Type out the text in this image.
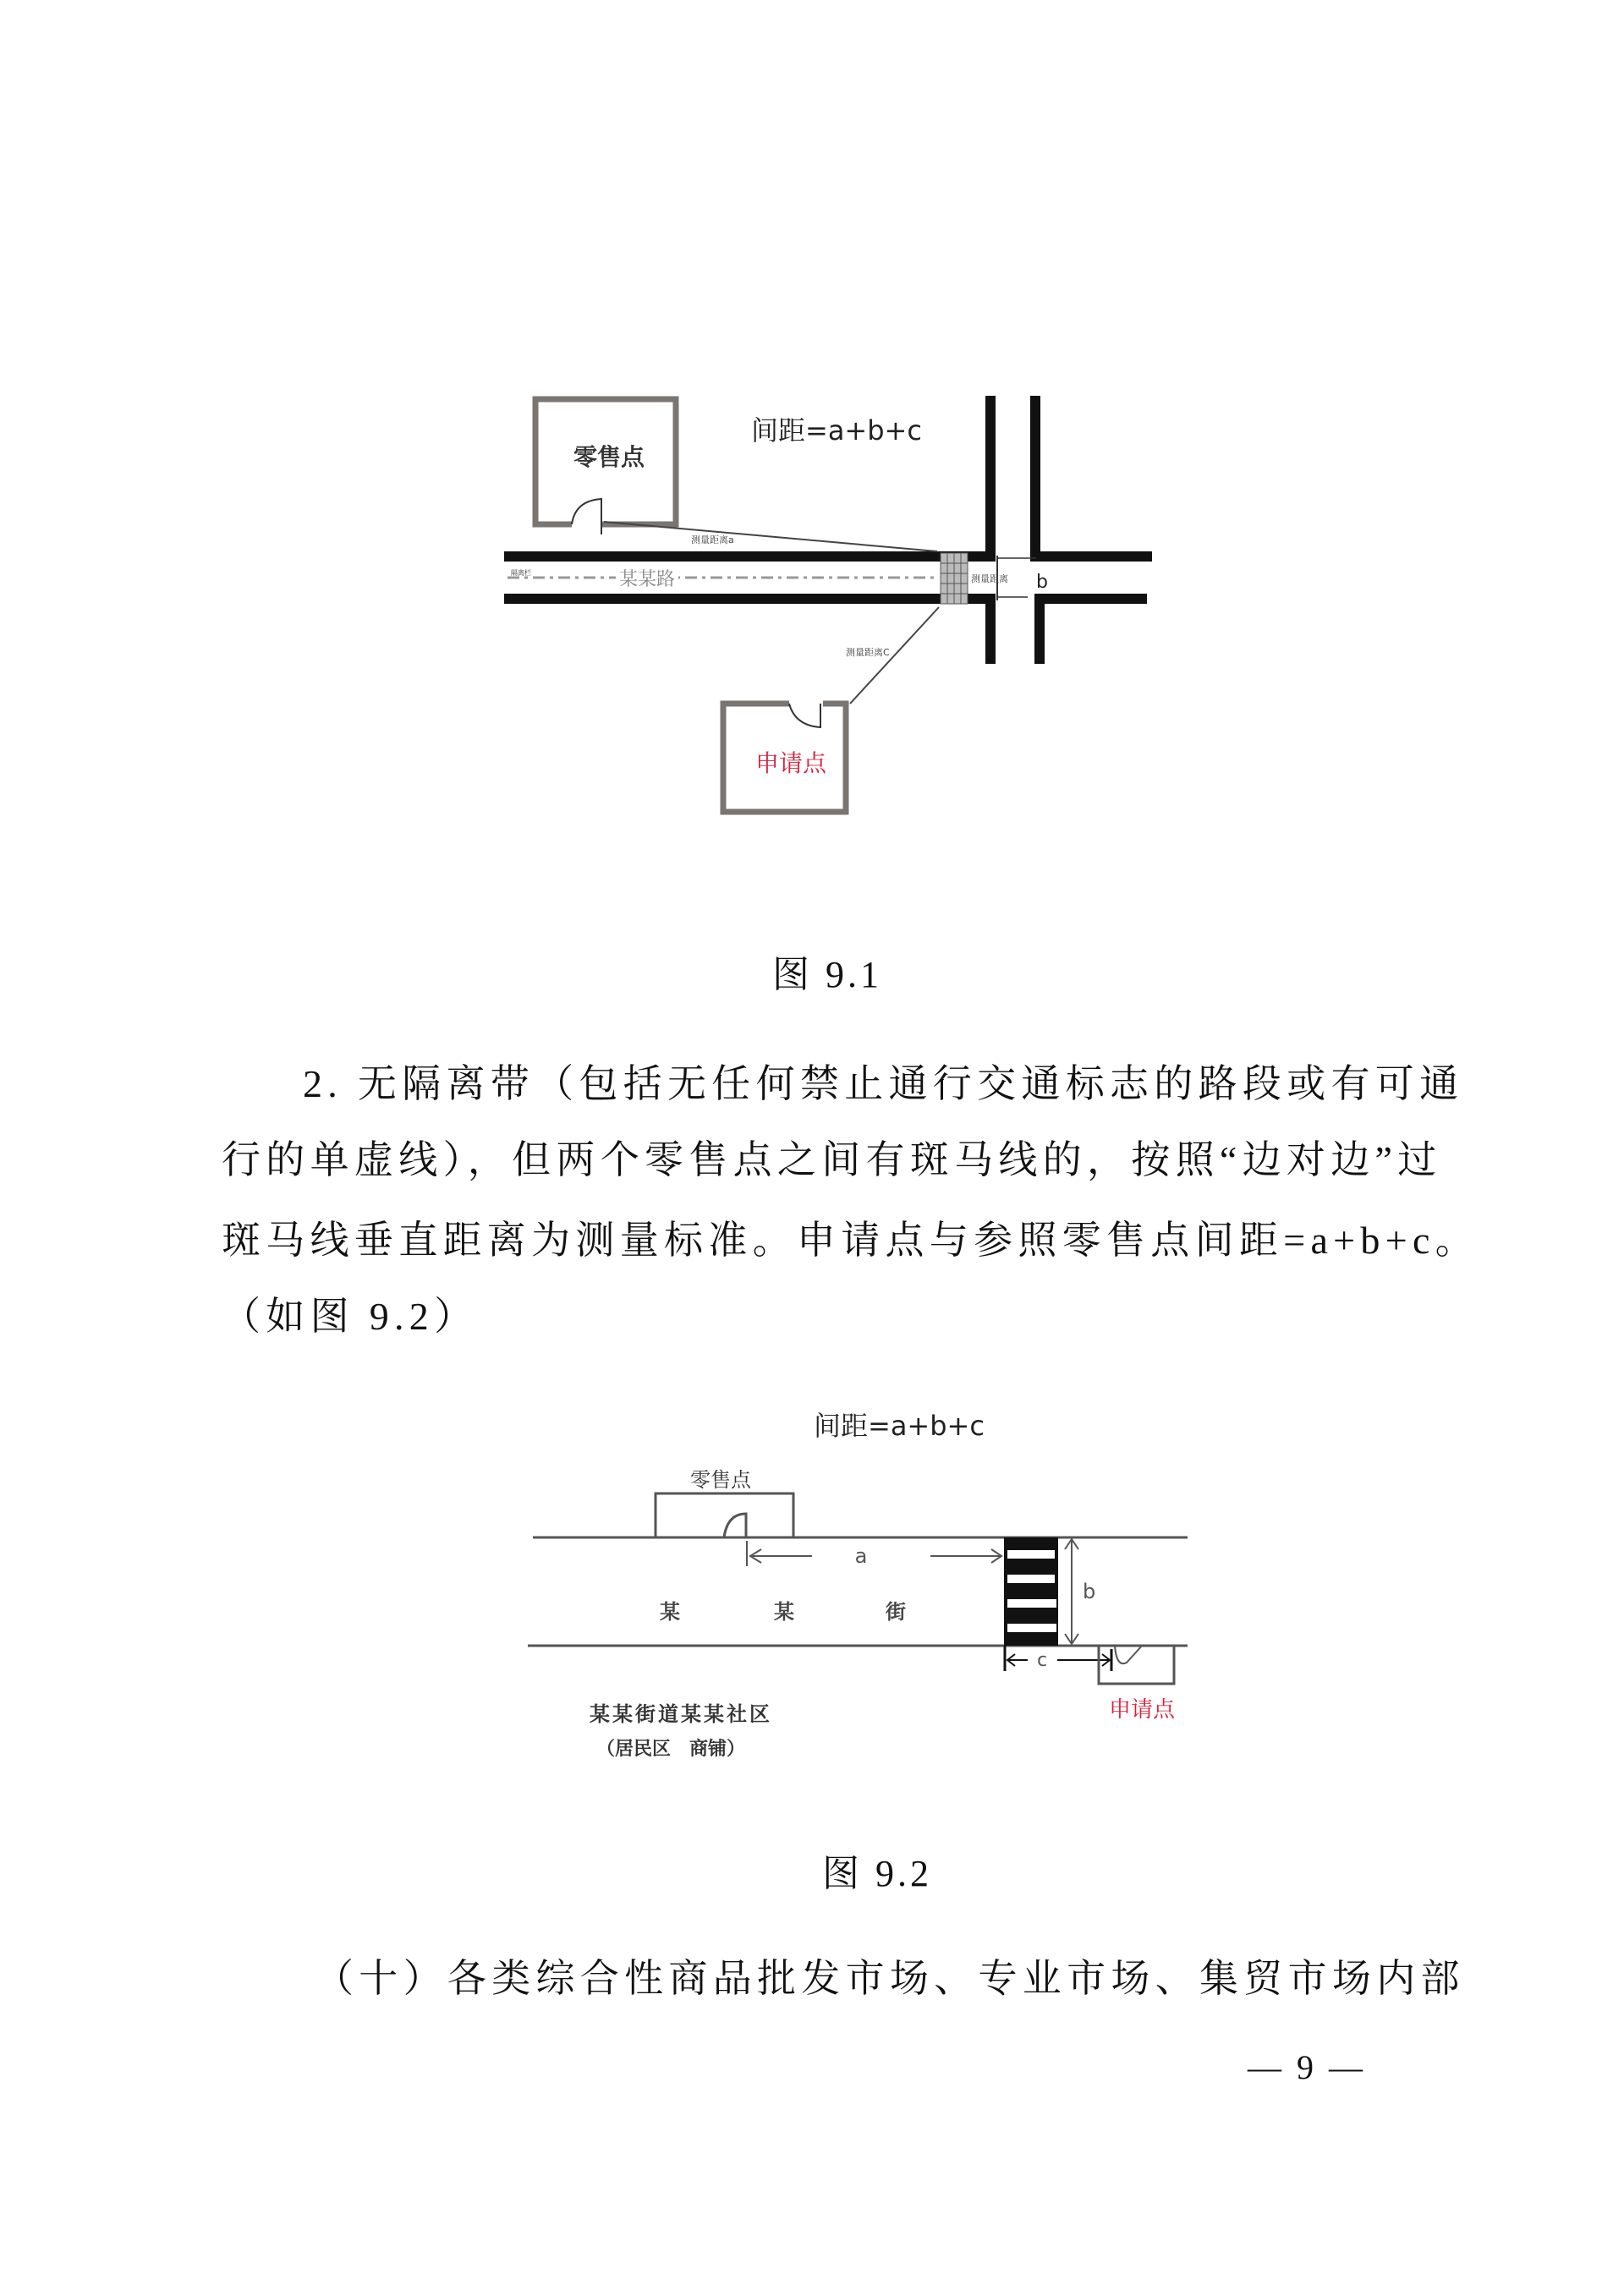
零售点
间距=a+b+c
隔离栏	某某路
测量距离a
测量距离 b
测量距离C
申请点
图 9.1
2. 无隔离带（包括无任何禁止通行交通标志的路段或有可通
行的单虚线），但两个零售点之间有斑马线的，按照“边对边”过
斑马线垂直距离为测量标准。申请点与参照零售点间距=a+b+c。
（如图 9.2）
间距=a+b+c
零售点
a
b
某	某	街
c
申请点
某某街道某某社区
（居民区　商铺）
图 9.2
（十）各类综合性商品批发市场、专业市场、集贸市场内部
— 9 —
